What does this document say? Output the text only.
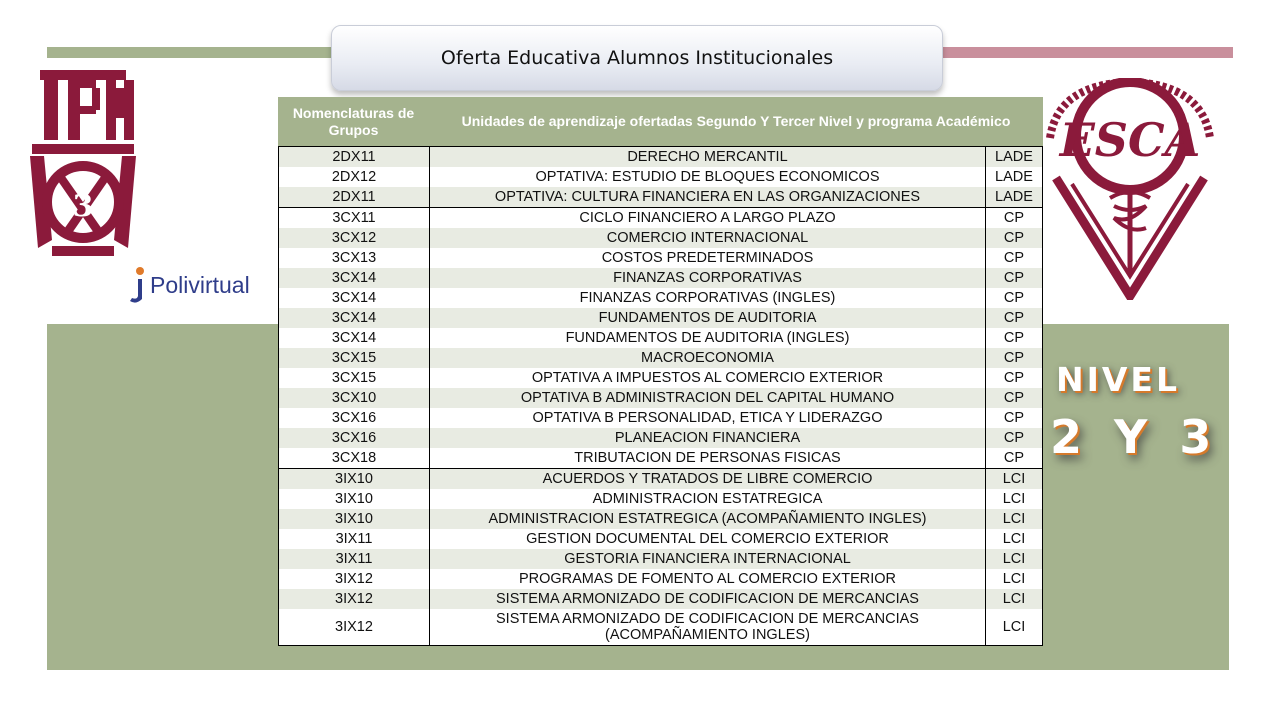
Oferta Educativa Alumnos Institucionales
3
Polivirtual
ESCA
NIVEL
2 Y 3
Nomenclaturas de Grupos
Unidades de aprendizaje ofertadas Segundo Y Tercer Nivel y programa Académico
2DX11	DERECHO MERCANTIL	LADE
2DX12	OPTATIVA: ESTUDIO DE BLOQUES ECONOMICOS	LADE
2DX11	OPTATIVA: CULTURA FINANCIERA EN LAS ORGANIZACIONES	LADE
3CX11	CICLO FINANCIERO A LARGO PLAZO	CP
3CX12	COMERCIO INTERNACIONAL	CP
3CX13	COSTOS PREDETERMINADOS	CP
3CX14	FINANZAS CORPORATIVAS	CP
3CX14	FINANZAS CORPORATIVAS (INGLES)	CP
3CX14	FUNDAMENTOS DE AUDITORIA	CP
3CX14	FUNDAMENTOS DE AUDITORIA (INGLES)	CP
3CX15	MACROECONOMIA	CP
3CX15	OPTATIVA A IMPUESTOS AL COMERCIO EXTERIOR	CP
3CX10	OPTATIVA B ADMINISTRACION DEL CAPITAL HUMANO	CP
3CX16	OPTATIVA B PERSONALIDAD, ETICA Y LIDERAZGO	CP
3CX16	PLANEACION FINANCIERA	CP
3CX18	TRIBUTACION DE PERSONAS FISICAS	CP
3IX10	ACUERDOS Y TRATADOS DE LIBRE COMERCIO	LCI
3IX10	ADMINISTRACION ESTATREGICA	LCI
3IX10	ADMINISTRACION ESTATREGICA (ACOMPAÑAMIENTO INGLES)	LCI
3IX11	GESTION DOCUMENTAL DEL COMERCIO EXTERIOR	LCI
3IX11	GESTORIA FINANCIERA INTERNACIONAL	LCI
3IX12	PROGRAMAS DE FOMENTO AL COMERCIO EXTERIOR	LCI
3IX12	SISTEMA ARMONIZADO DE CODIFICACION DE MERCANCIAS	LCI
3IX12	SISTEMA ARMONIZADO DE CODIFICACION DE MERCANCIAS (ACOMPAÑAMIENTO INGLES)	LCI
